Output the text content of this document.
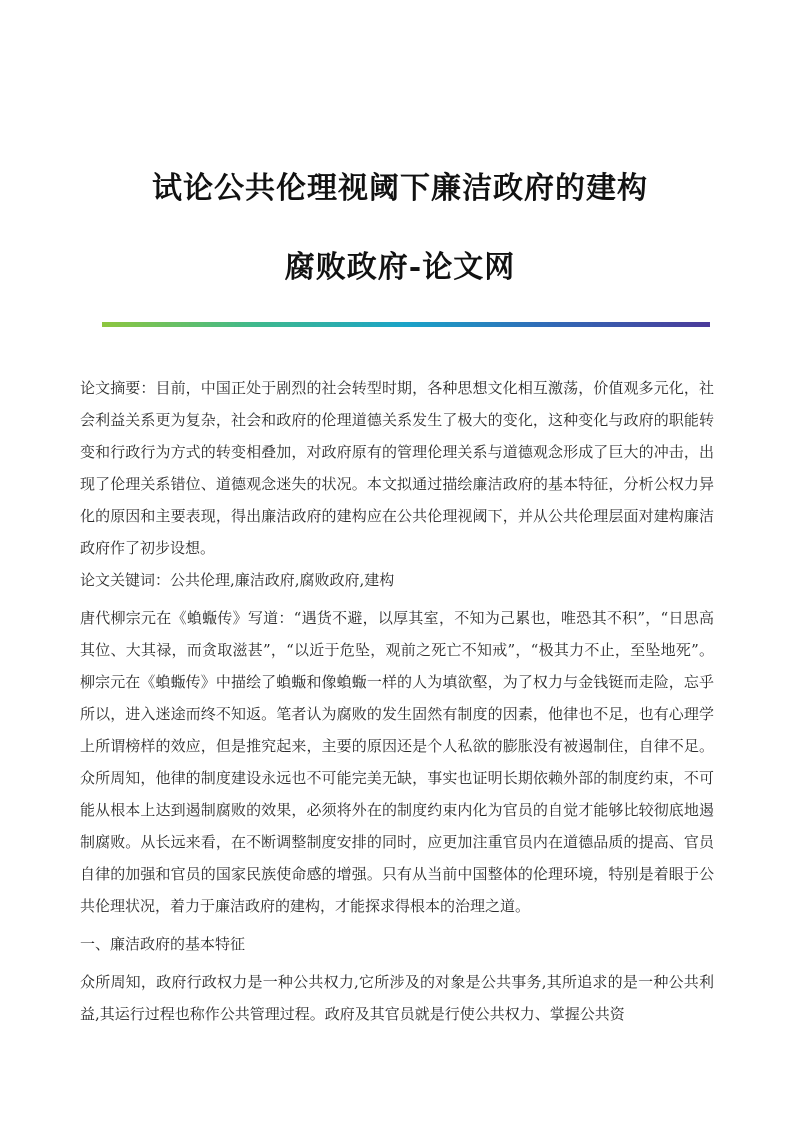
试论公共伦理视阈下廉洁政府的建构
腐败政府-论文网

论文摘要：目前，中国正处于剧烈的社会转型时期，各种思想文化相互激荡，价值观多元化，社会利益关系更为复杂，社会和政府的伦理道德关系发生了极大的变化，这种变化与政府的职能转变和行政行为方式的转变相叠加，对政府原有的管理伦理关系与道德观念形成了巨大的冲击，出现了伦理关系错位、道德观念迷失的状况。本文拟通过描绘廉洁政府的基本特征，分析公权力异化的原因和主要表现，得出廉洁政府的建构应在公共伦理视阈下，并从公共伦理层面对建构廉洁政府作了初步设想。

论文关键词：公共伦理,廉洁政府,腐败政府,建构

唐代柳宗元在《蝜蝂传》写道：“遇货不避，以厚其室，不知为己累也，唯恐其不积”，“日思高其位、大其禄，而贪取滋甚”，“以近于危坠，观前之死亡不知戒”，“极其力不止，至坠地死”。柳宗元在《蝜蝂传》中描绘了蝜蝂和像蝜蝂一样的人为填欲壑，为了权力与金钱铤而走险，忘乎所以，进入迷途而终不知返。笔者认为腐败的发生固然有制度的因素，他律也不足，也有心理学上所谓榜样的效应，但是推究起来，主要的原因还是个人私欲的膨胀没有被遏制住，自律不足。众所周知，他律的制度建设永远也不可能完美无缺，事实也证明长期依赖外部的制度约束，不可能从根本上达到遏制腐败的效果，必须将外在的制度约束内化为官员的自觉才能够比较彻底地遏制腐败。从长远来看，在不断调整制度安排的同时，应更加注重官员内在道德品质的提高、官员自律的加强和官员的国家民族使命感的增强。只有从当前中国整体的伦理环境，特别是着眼于公共伦理状况，着力于廉洁政府的建构，才能探求得根本的治理之道。

一、廉洁政府的基本特征

众所周知，政府行政权力是一种公共权力,它所涉及的对象是公共事务,其所追求的是一种公共利益,其运行过程也称作公共管理过程。政府及其官员就是行使公共权力、掌握公共资
